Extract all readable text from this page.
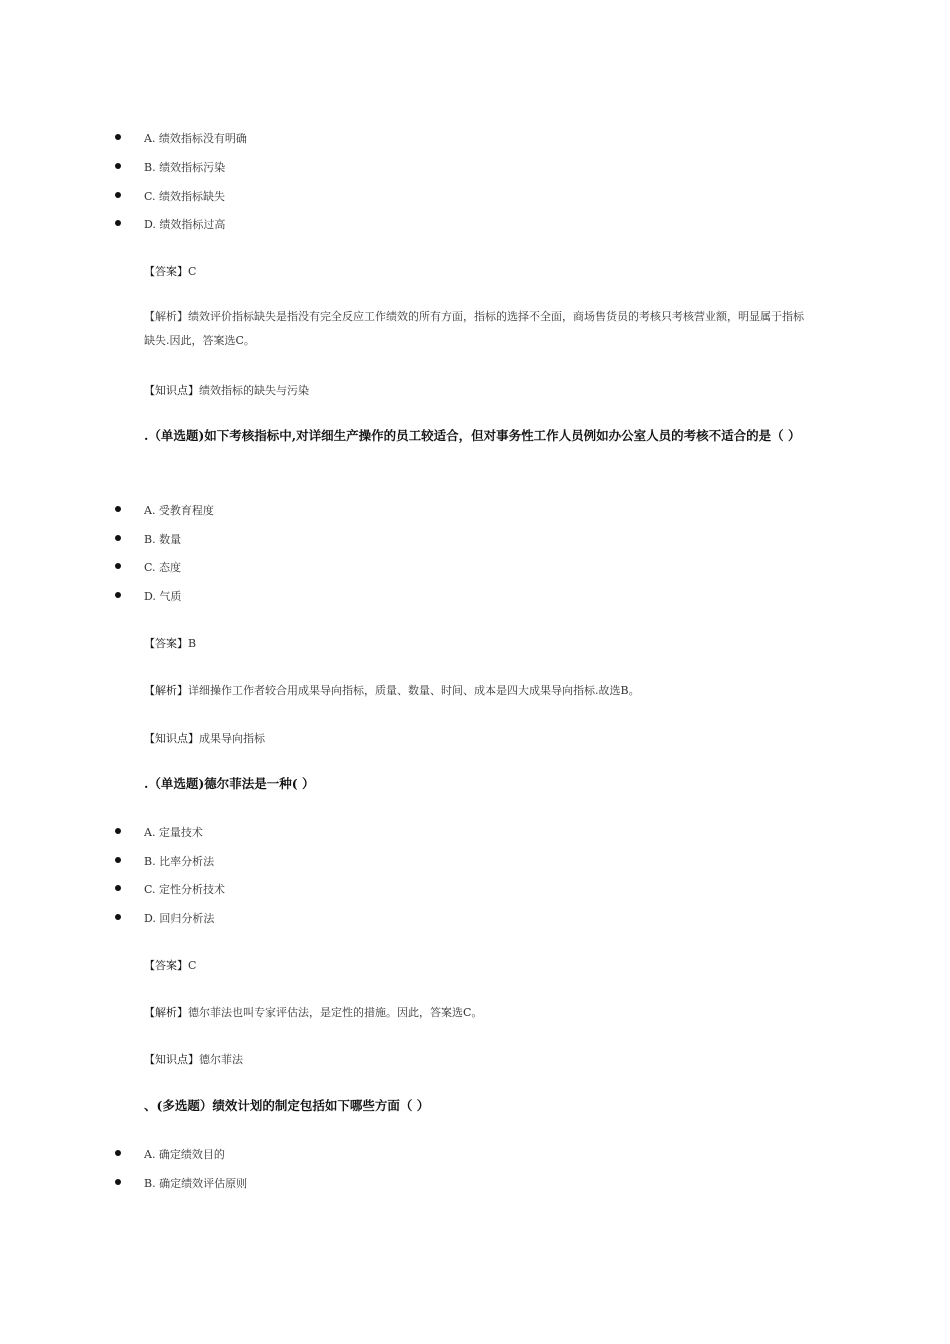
A. 绩效指标没有明确
B. 绩效指标污染
C. 绩效指标缺失
D. 绩效指标过高
【答案】C
【解析】绩效评价指标缺失是指没有完全反应工作绩效的所有方面，指标的选择不全面，商场售货员的考核只考核营业额，明显属于指标缺失.因此，答案选C。
【知识点】绩效指标的缺失与污染
.（单选题)如下考核指标中,对详细生产操作的员工较适合，但对事务性工作人员例如办公室人员的考核不适合的是（ ）
A. 受教育程度
B. 数量
C. 态度
D. 气质
【答案】B
【解析】详细操作工作者较合用成果导向指标，质量、数量、时间、成本是四大成果导向指标.故选B。
【知识点】成果导向指标
.（单选题)德尔菲法是一种( ）
A. 定量技术
B. 比率分析法
C. 定性分析技术
D. 回归分析法
【答案】C
【解析】德尔菲法也叫专家评估法，是定性的措施。因此，答案选C。
【知识点】德尔菲法
、(多选题）绩效计划的制定包括如下哪些方面（ ）
A. 确定绩效目的
B. 确定绩效评估原则
